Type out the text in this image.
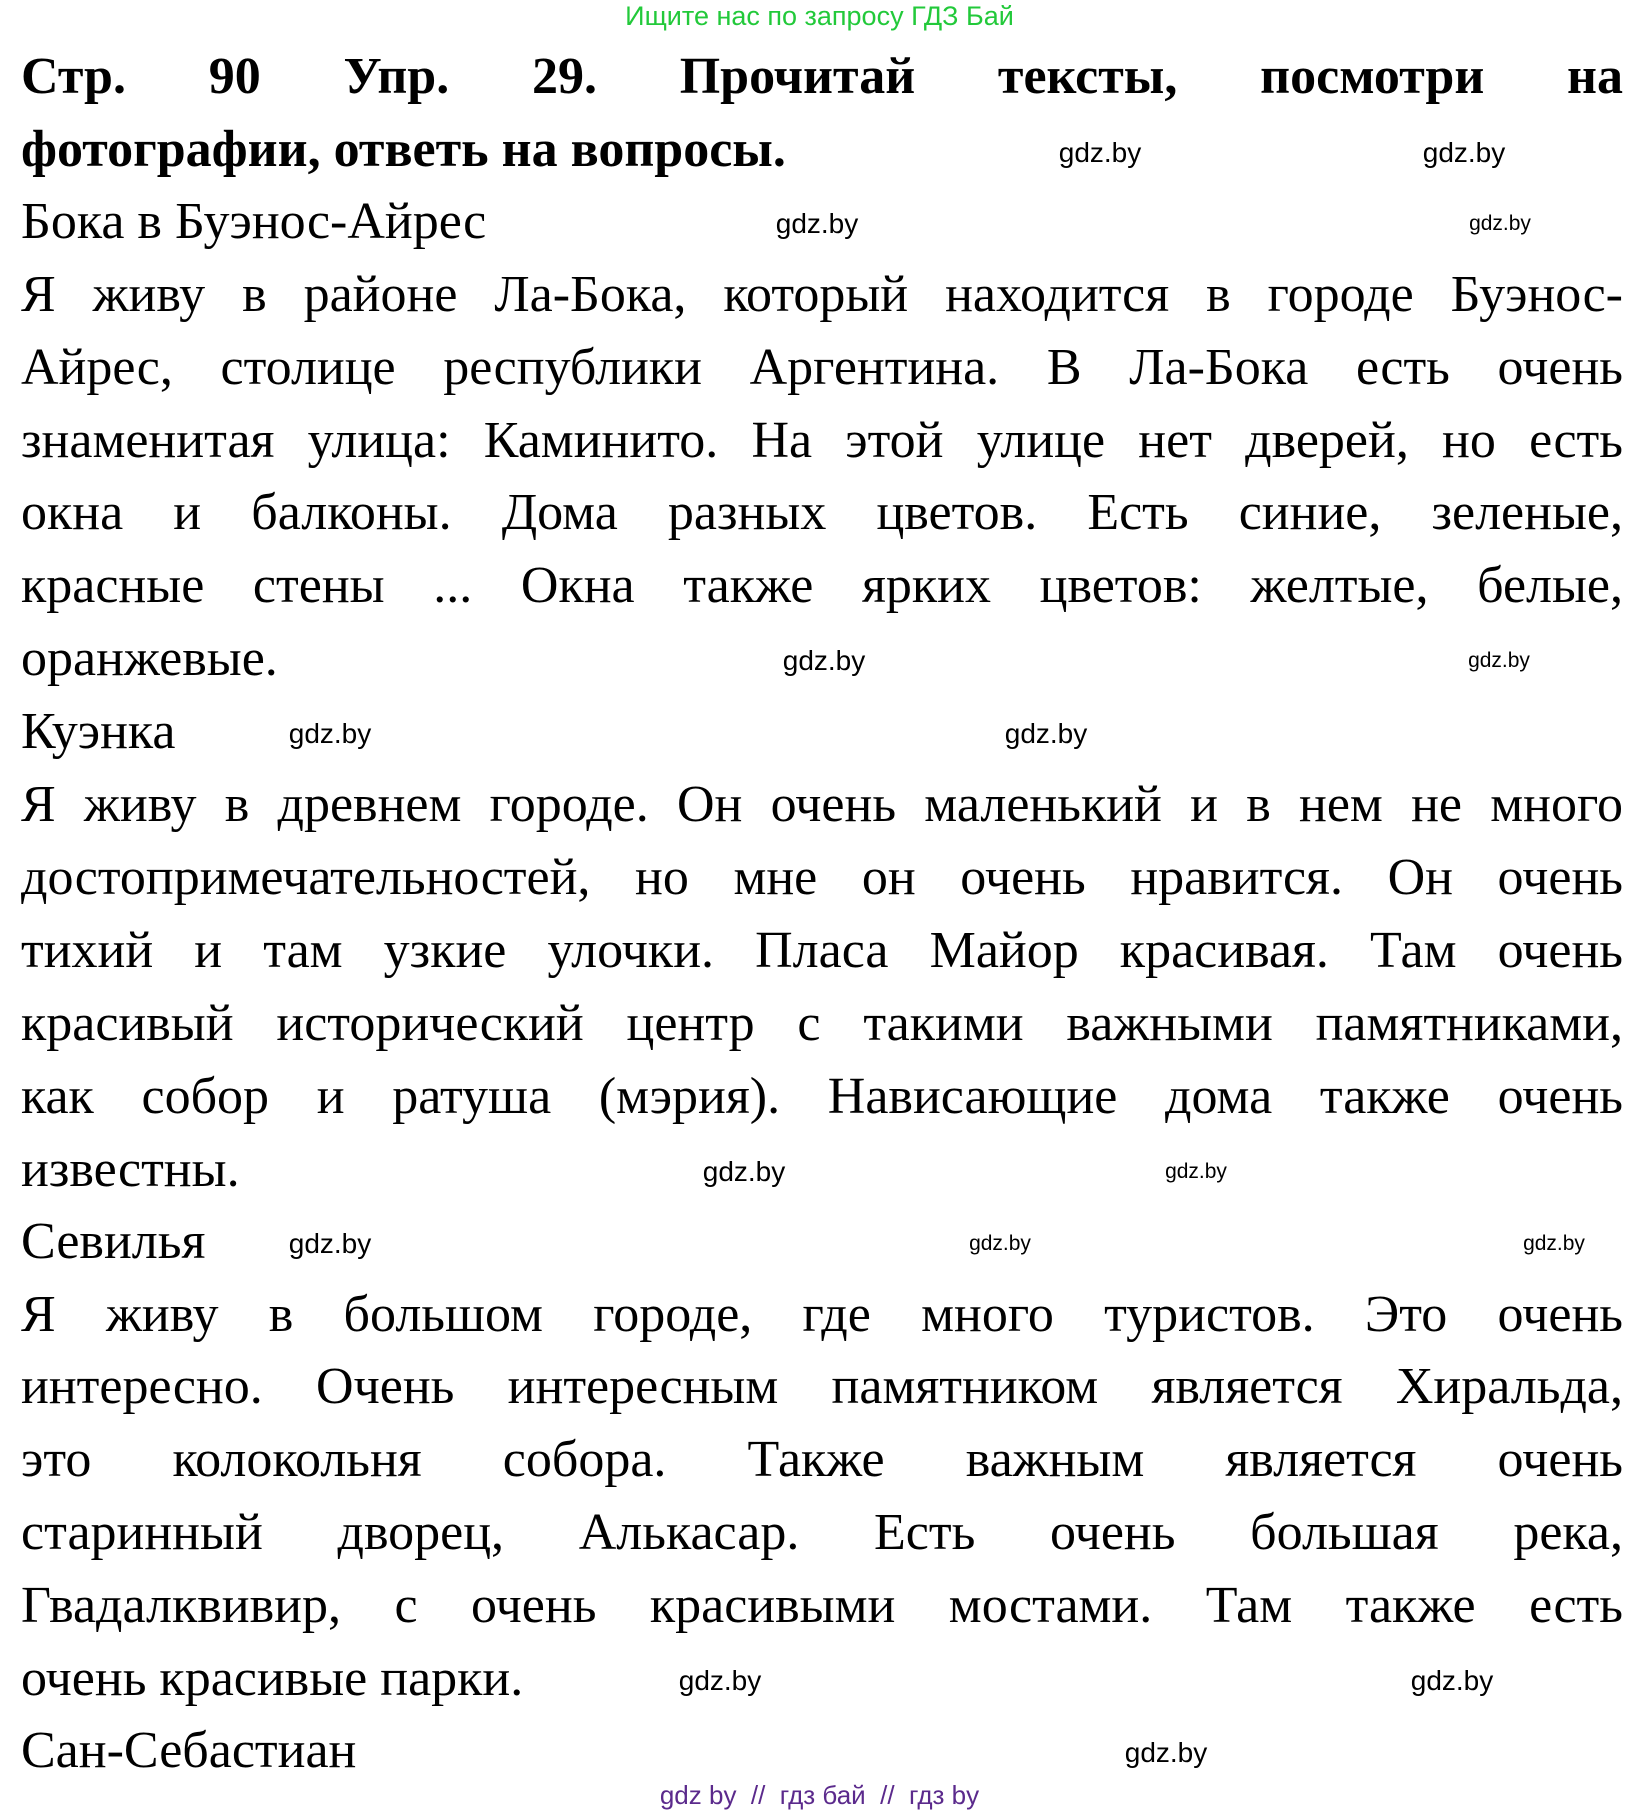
Ищите нас по запросу ГДЗ Бай
Стр. 90 Упр. 29. Прочитай тексты, посмотри на
фотографии, ответь на вопросы.
Бока в Буэнос-Айрес
Я живу в районе Ла-Бока, который находится в городе Буэнос-
Айрес, столице республики Аргентина. В Ла-Бока есть очень
знаменитая улица: Каминито. На этой улице нет дверей, но есть
окна и балконы. Дома разных цветов. Есть синие, зеленые,
красные стены ... Окна также ярких цветов: желтые, белые,
оранжевые.
Куэнка
Я живу в древнем городе. Он очень маленький и в нем не много
достопримечательностей, но мне он очень нравится. Он очень
тихий и там узкие улочки. Пласа Майор красивая. Там очень
красивый исторический центр с такими важными памятниками,
как собор и ратуша (мэрия). Нависающие дома также очень
известны.
Севилья
Я живу в большом городе, где много туристов. Это очень
интересно. Очень интересным памятником является Хиральда,
это колокольня собора. Также важным является очень
старинный дворец, Алькасар. Есть очень большая река,
Гвадалквивир, с очень красивыми мостами. Там также есть
очень красивые парки.
Сан-Себастиан
gdz.by
gdz.by
gdz.by	gdz.by
gdz.by
gdz.by
gdz.by	gdz.by
gdz.by
gdz.by
gdz.by	gdz.by
gdz.by
gdz.by
gdz.by
gdz.by
gdz by  //  гдз бай  //  гдз by
